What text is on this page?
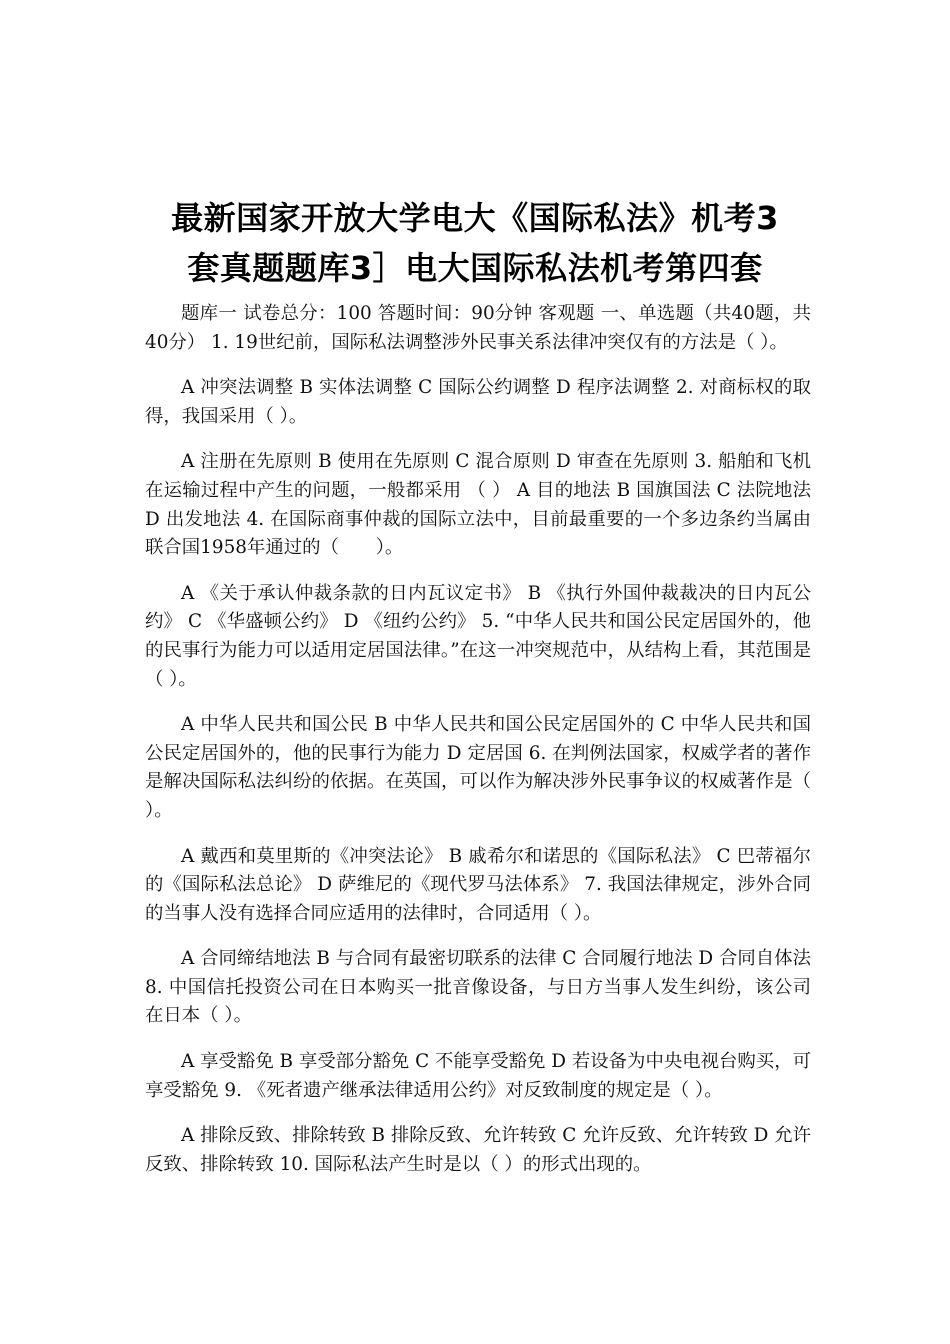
最新国家开放大学电大《国际私法》机考3
套真题题库3］电大国际私法机考第四套

题库一 试卷总分：100 答题时间：90分钟 客观题 一、单选题（共40题，共40分） 1. 19世纪前，国际私法调整涉外民事关系法律冲突仅有的方法是（ ）。

A 冲突法调整 B 实体法调整 C 国际公约调整 D 程序法调整 2. 对商标权的取得，我国采用（ ）。

A 注册在先原则 B 使用在先原则 C 混合原则 D 审查在先原则 3. 船舶和飞机在运输过程中产生的问题，一般都采用 （ ） A 目的地法 B 国旗国法 C 法院地法 D 出发地法 4. 在国际商事仲裁的国际立法中，目前最重要的一个多边条约当属由联合国1958年通过的（　　）。

A 《关于承认仲裁条款的日内瓦议定书》 B 《执行外国仲裁裁决的日内瓦公约》 C 《华盛顿公约》 D 《纽约公约》 5. “中华人民共和国公民定居国外的，他的民事行为能力可以适用定居国法律。”在这一冲突规范中，从结构上看，其范围是（ ）。

A 中华人民共和国公民 B 中华人民共和国公民定居国外的 C 中华人民共和国公民定居国外的，他的民事行为能力 D 定居国 6. 在判例法国家，权威学者的著作是解决国际私法纠纷的依据。在英国，可以作为解决涉外民事争议的权威著作是（ ）。

A 戴西和莫里斯的《冲突法论》 B 戚希尔和诺思的《国际私法》 C 巴蒂福尔的《国际私法总论》 D 萨维尼的《现代罗马法体系》 7. 我国法律规定，涉外合同的当事人没有选择合同应适用的法律时，合同适用（ ）。

A 合同缔结地法 B 与合同有最密切联系的法律 C 合同履行地法 D 合同自体法 8. 中国信托投资公司在日本购买一批音像设备，与日方当事人发生纠纷，该公司在日本（ ）。

A 享受豁免 B 享受部分豁免 C 不能享受豁免 D 若设备为中央电视台购买，可享受豁免 9. 《死者遗产继承法律适用公约》对反致制度的规定是（ ）。

A 排除反致、排除转致 B 排除反致、允许转致 C 允许反致、允许转致 D 允许反致、排除转致 10. 国际私法产生时是以（ ）的形式出现的。
